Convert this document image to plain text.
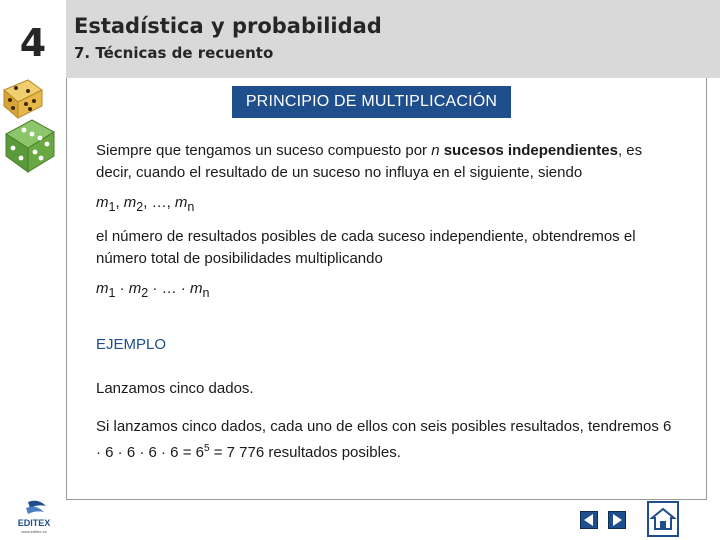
4	Estadística y probabilidad
7. Técnicas de recuento
PRINCIPIO DE MULTIPLICACIÓN

Siempre que tengamos un suceso compuesto por n sucesos independientes, es decir, cuando el resultado de un suceso no influya en el siguiente, siendo

$m_1$, $m_2$, …, $m_n$

el número de resultados posibles de cada suceso independiente, obtendremos el número total de posibilidades multiplicando

$m_1 \cdot m_2$ · … · $m_n$

EJEMPLO

Lanzamos cinco dados.

Si lanzamos cinco dados, cada uno de ellos con seis posibles resultados, tendremos $6 \cdot 6 \cdot 6 \cdot 6 \cdot 6 = 6^5 = 7$ 776 resultados posibles.

EDITEX
www.editex.es
